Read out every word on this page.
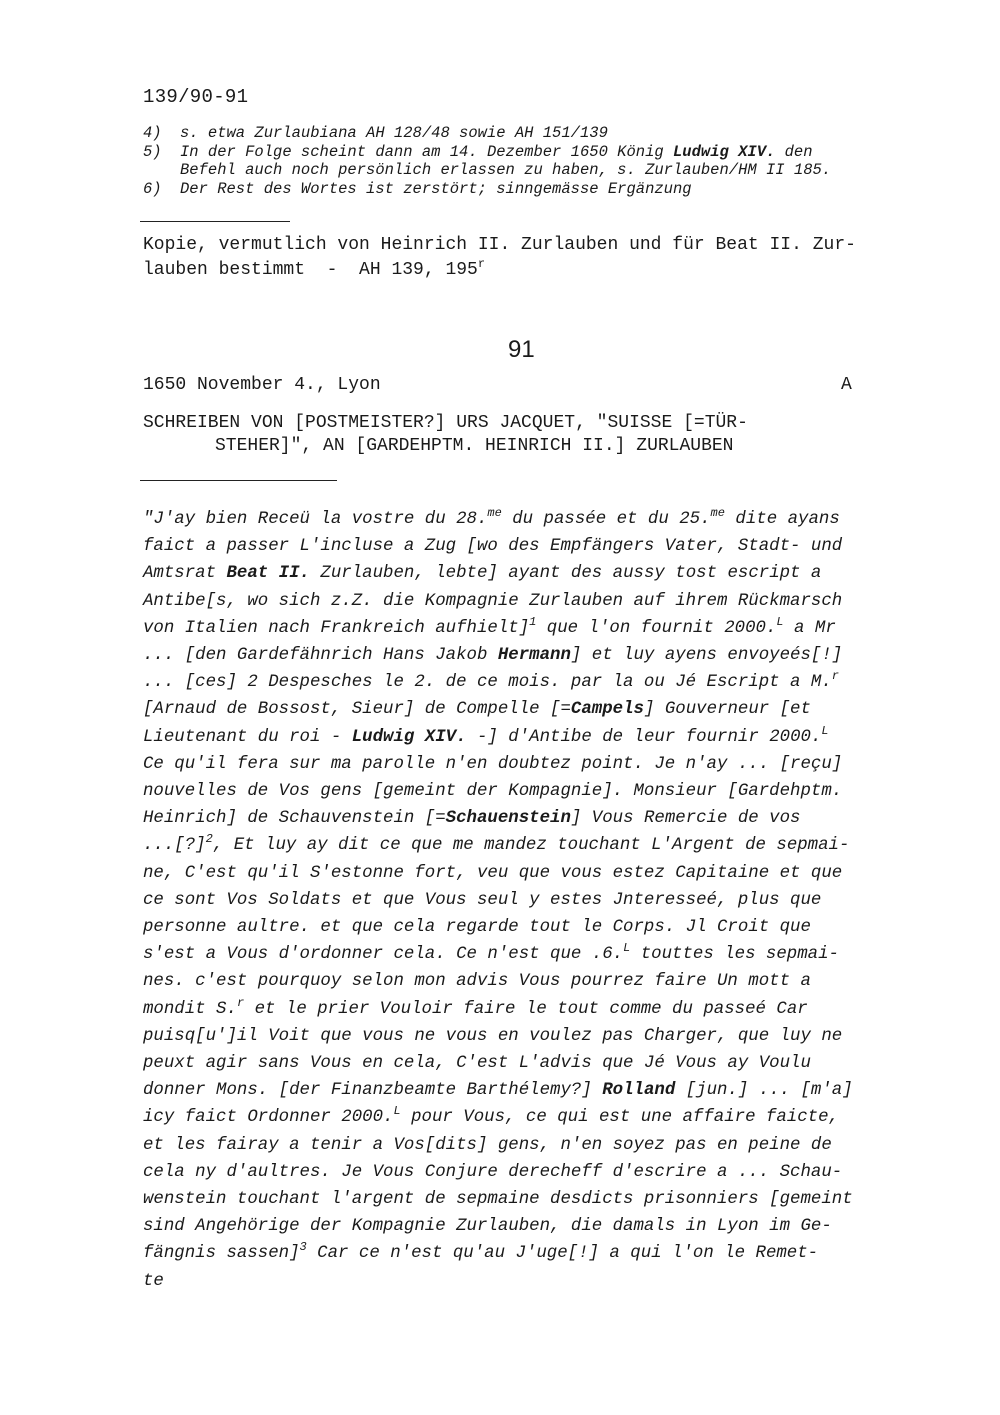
139/90-91
4)	s. etwa Zurlaubiana AH 128/48 sowie AH 151/139
5)	In der Folge scheint dann am 14. Dezember 1650 König Ludwig XIV. den
Befehl auch noch persönlich erlassen zu haben, s. Zurlauben/HM II 185.
6)	Der Rest des Wortes ist zerstört; sinngemässe Ergänzung
Kopie, vermutlich von Heinrich II. Zurlauben und für Beat II. Zur-
lauben bestimmt  -  AH 139, 195$^r$
91
1650 November 4., Lyon	A
SCHREIBEN VON [POSTMEISTER?] URS JACQUET, "SUISSE [=TÜR-
STEHER]", AN [GARDEHPTM. HEINRICH II.] ZURLAUBEN
"J'ay bien Receü la vostre du 28.$^{me}$ du passée et du 25.$^{me}$ dite ayans
faict a passer L'incluse a Zug [wo des Empfängers Vater, Stadt- und
Amtsrat Beat II. Zurlauben, lebte] ayant des aussy tost escript a
Antibe[s, wo sich z.Z. die Kompagnie Zurlauben auf ihrem Rückmarsch
von Italien nach Frankreich aufhielt]$^1$ que l'on fournit 2000.$^L$ a Mr
... [den Gardefähnrich Hans Jakob Hermann] et luy ayens envoyeés[!]
... [ces] 2 Despesches le 2. de ce mois. par la ou Jé Escript a M.$^r$
[Arnaud de Bossost, Sieur] de Compelle [=Campels] Gouverneur [et
Lieutenant du roi - Ludwig XIV. -] d'Antibe de leur fournir 2000.$^L$
Ce qu'il fera sur ma parolle n'en doubtez point. Je n'ay ... [reçu]
nouvelles de Vos gens [gemeint der Kompagnie]. Monsieur [Gardehptm.
Heinrich] de Schauvenstein [=Schauenstein] Vous Remercie de vos
...[?]$^2$, Et luy ay dit ce que me mandez touchant L'Argent de sepmai-
ne, C'est qu'il S'estonne fort, veu que vous estez Capitaine et que
ce sont Vos Soldats et que Vous seul y estes Jnteresseé, plus que
personne aultre. et que cela regarde tout le Corps. Jl Croit que
s'est a Vous d'ordonner cela. Ce n'est que .6.$^L$ touttes les sepmai-
nes. c'est pourquoy selon mon advis Vous pourrez faire Un mott a
mondit S.$^r$ et le prier Vouloir faire le tout comme du passeé Car
puisq[u']il Voit que vous ne vous en voulez pas Charger, que luy ne
peuxt agir sans Vous en cela, C'est L'advis que Jé Vous ay Voulu
donner Mons. [der Finanzbeamte Barthélemy?] Rolland [jun.] ... [m'a]
icy faict Ordonner 2000.$^L$ pour Vous, ce qui est une affaire faicte,
et les fairay a tenir a Vos[dits] gens, n'en soyez pas en peine de
cela ny d'aultres. Je Vous Conjure derecheff d'escrire a ... Schau-
wenstein touchant l'argent de sepmaine desdicts prisonniers [gemeint
sind Angehörige der Kompagnie Zurlauben, die damals in Lyon im Ge-
fängnis sassen]$^3$ Car ce n'est qu'au J'uge[!] a qui l'on le Remet-
te
